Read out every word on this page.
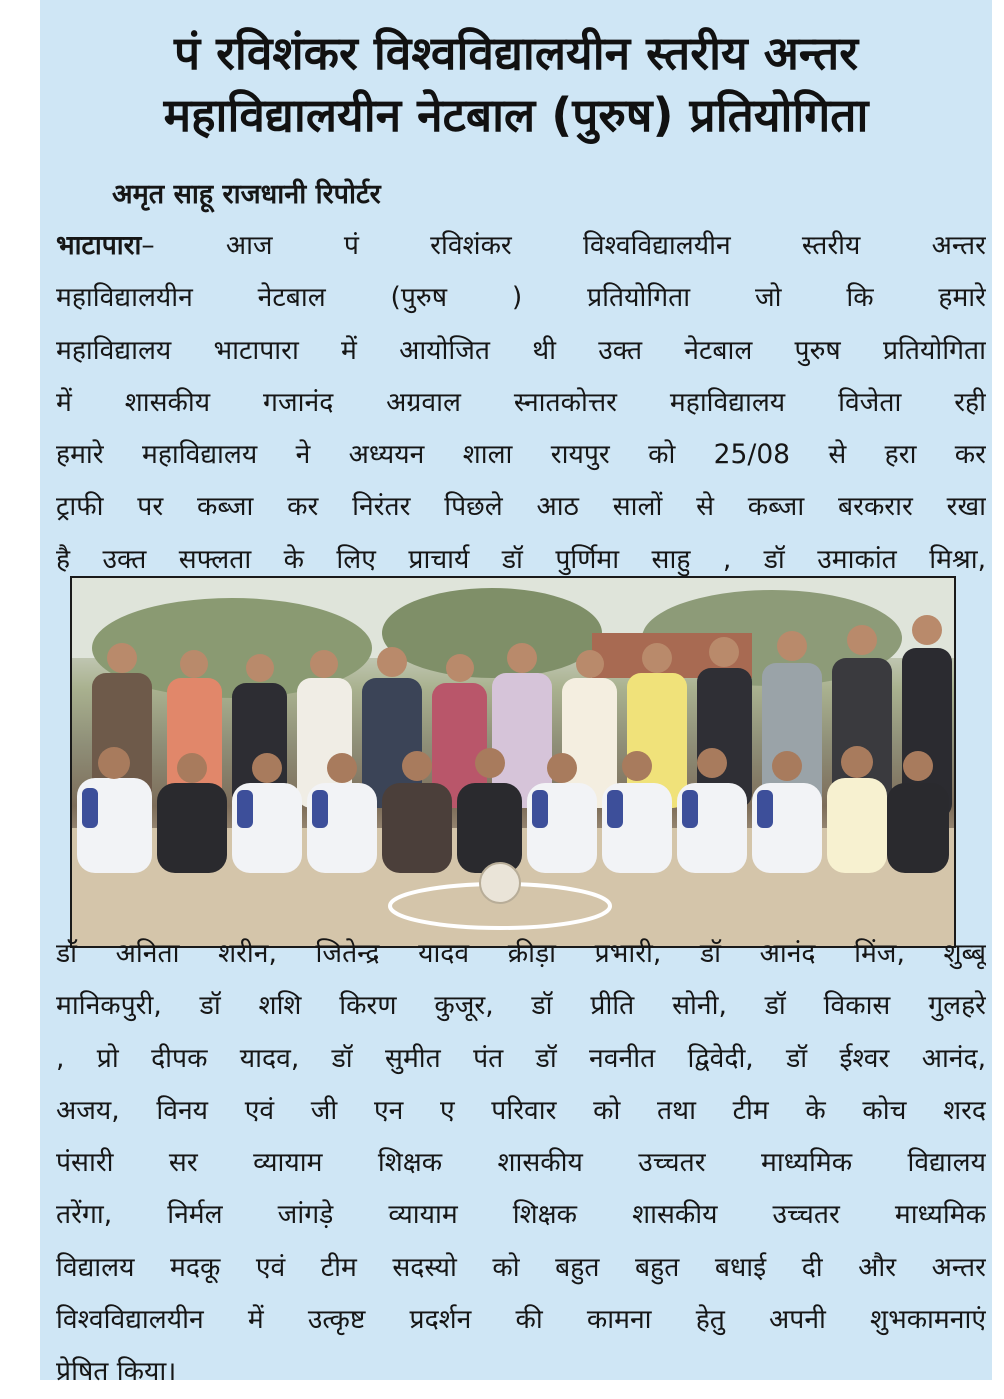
पं रविशंकर विश्वविद्यालयीन स्तरीय अन्तर
महाविद्यालयीन नेटबाल (पुरुष) प्रतियोगिता
अमृत साहू राजधानी रिपोर्टर
भाटापारा– आज पं रविशंकर विश्वविद्यालयीन स्तरीय अन्तर
महाविद्यालयीन नेटबाल (पुरुष ) प्रतियोगिता जो कि हमारे
महाविद्यालय भाटापारा में आयोजित थी उक्त नेटबाल पुरुष प्रतियोगिता
में शासकीय गजानंद अग्रवाल स्नातकोत्तर महाविद्यालय विजेता रही
हमारे महाविद्यालय ने अध्ययन शाला रायपुर को 25/08 से हरा कर
ट्राफी पर कब्जा कर निरंतर पिछले आठ सालों से कब्जा बरकरार रखा
है उक्त सफ्लता के लिए प्राचार्य डॉ पुर्णिमा साहु , डॉ उमाकांत मिश्रा,
डॉ अनिता शरीन, जितेन्द्र यादव क्रीड़ा प्रभारी, डॉ आनंद मिंज, शुब्बू
मानिकपुरी, डॉ शशि किरण कुजूर, डॉ प्रीति सोनी, डॉ विकास गुलहरे
, प्रो दीपक यादव, डॉ सुमीत पंत डॉ नवनीत द्विवेदी, डॉ ईश्वर आनंद,
अजय, विनय एवं जी एन ए परिवार को तथा टीम के कोच शरद
पंसारी सर व्यायाम शिक्षक शासकीय उच्चतर माध्यमिक विद्यालय
तरेंगा, निर्मल जांगड़े व्यायाम शिक्षक शासकीय उच्चतर माध्यमिक
विद्यालय मदकू एवं टीम सदस्यो को बहुत बहुत बधाई दी और अन्तर
विश्वविद्यालयीन में उत्कृष्ट प्रदर्शन की कामना हेतु अपनी शुभकामनाएं
प्रेषित किया।
